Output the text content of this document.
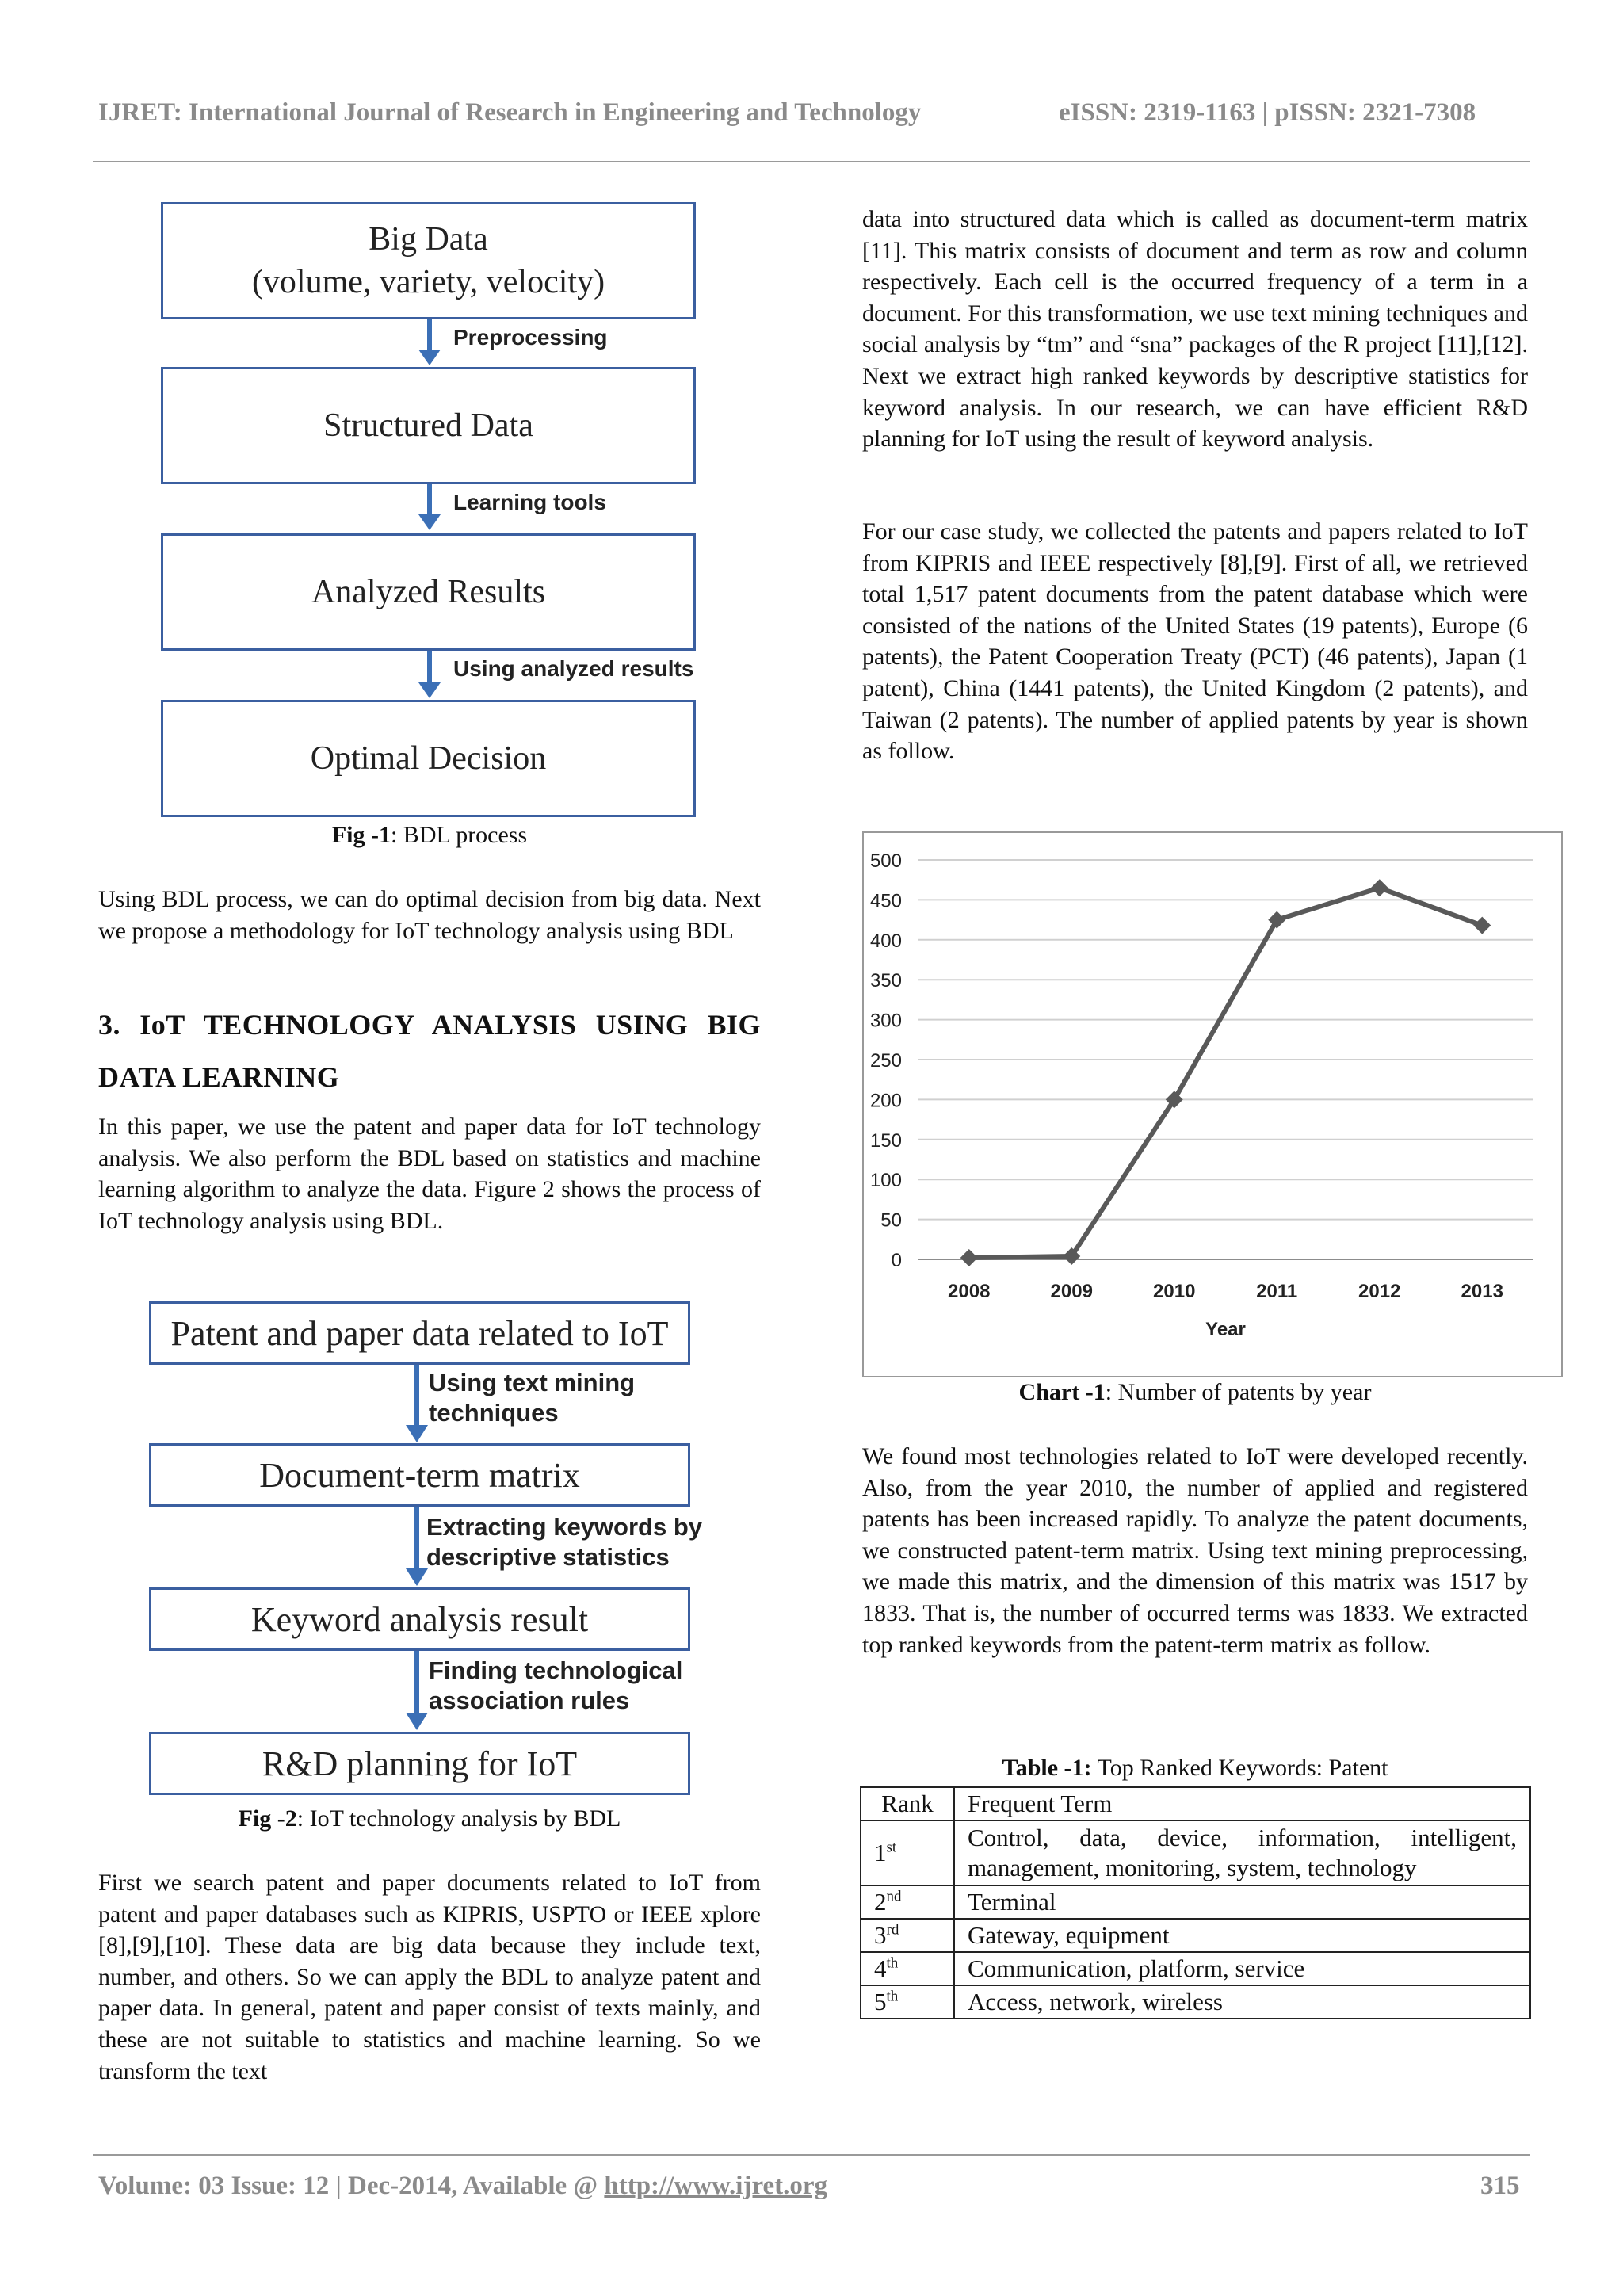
IJRET: International Journal of Research in Engineering and Technology	eISSN: 2319-1163 | pISSN: 2321-7308
Big Data
(volume, variety, velocity)
Preprocessing
Structured Data
Learning tools
Analyzed Results
Using analyzed results
Optimal Decision
Fig -1: BDL process

Using BDL process, we can do optimal decision from big data. Next we propose a methodology for IoT technology analysis using BDL

3. IoT TECHNOLOGY ANALYSIS USING BIG
DATA LEARNING

In this paper, we use the patent and paper data for IoT technology analysis. We also perform the BDL based on statistics and machine learning algorithm to analyze the data. Figure 2 shows the process of IoT technology analysis using BDL.

Patent and paper data related to IoT
Using text mining
techniques
Document-term matrix
Extracting keywords by
descriptive statistics
Keyword analysis result
Finding technological
association rules
R&D planning for IoT
Fig -2: IoT technology analysis by BDL

First we search patent and paper documents related to IoT from patent and paper databases such as KIPRIS, USPTO or IEEE xplore [8],[9],[10]. These data are big data because they include text, number, and others. So we can apply the BDL to analyze patent and paper data. In general, patent and paper consist of texts mainly, and these are not suitable to statistics and machine learning. So we transform the text

data into structured data which is called as document-term matrix [11]. This matrix consists of document and term as row and column respectively. Each cell is the occurred frequency of a term in a document. For this transformation, we use text mining techniques and social analysis by “tm” and “sna” packages of the R project [11],[12]. Next we extract high ranked keywords by descriptive statistics for keyword analysis. In our research, we can have efficient R&D planning for IoT using the result of keyword analysis.

For our case study, we collected the patents and papers related to IoT from KIPRIS and IEEE respectively [8],[9]. First of all, we retrieved total 1,517 patent documents from the patent database which were consisted of the nations of the United States (19 patents), Europe (6 patents), the Patent Cooperation Treaty (PCT) (46 patents), Japan (1 patent), China (1441 patents), the United Kingdom (2 patents), and Taiwan (2 patents). The number of applied patents by year is shown as follow.

0
50
100
150
200
250
300
350
400
450
500
2008	2009	2010	2011	2012	2013
Year
Chart -1: Number of patents by year

We found most technologies related to IoT were developed recently. Also, from the year 2010, the number of applied and registered patents has been increased rapidly. To analyze the patent documents, we constructed patent-term matrix. Using text mining preprocessing, we made this matrix, and the dimension of this matrix was 1517 by 1833. That is, the number of occurred terms was 1833. We extracted top ranked keywords from the patent-term matrix as follow.

Table -1: Top Ranked Keywords: Patent
Rank	Frequent Term
1st	Control, data, device, information, intelligent, management, monitoring, system, technology
2nd	Terminal
3rd	Gateway, equipment
4th	Communication, platform, service
5th	Access, network, wireless
Volume: 03 Issue: 12 | Dec-2014, Available @ http://www.ijret.org	315
